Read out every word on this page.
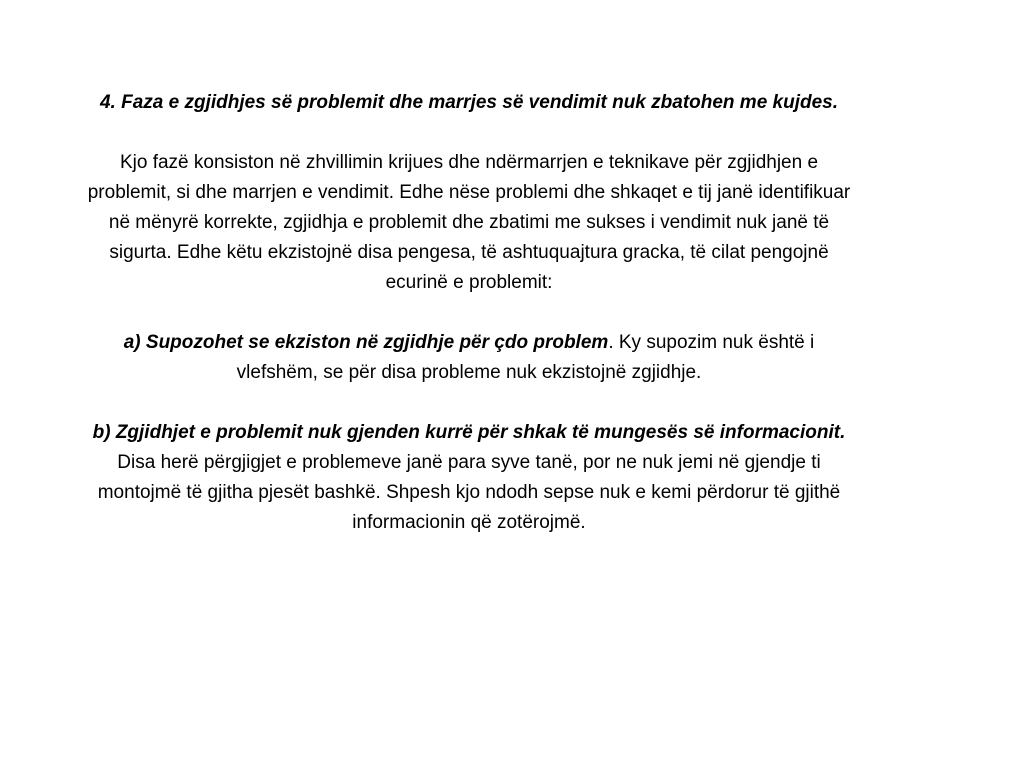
4. Faza e zgjidhjes së problemit dhe marrjes së vendimit nuk zbatohen me kujdes.

Kjo fazë konsiston në zhvillimin krijues dhe ndërmarrjen e teknikave për zgjidhjen e problemit, si dhe marrjen e vendimit. Edhe nëse problemi dhe shkaqet e tij janë identifikuar në mënyrë korrekte, zgjidhja e problemit dhe zbatimi me sukses i vendimit nuk janë të sigurta. Edhe këtu ekzistojnë disa pengesa, të ashtuquajtura gracka, të cilat pengojnë ecurinë e problemit:

a) Supozohet se ekziston në zgjidhje për çdo problem. Ky supozim nuk është i vlefshëm, se për disa probleme nuk ekzistojnë zgjidhje.

b) Zgjidhjet e problemit nuk gjenden kurrë për shkak të mungesës së informacionit. Disa herë përgjigjet e problemeve janë para syve tanë, por ne nuk jemi në gjendje ti montojmë të gjitha pjesët bashkë. Shpesh kjo ndodh sepse nuk e kemi përdorur të gjithë informacionin që zotërojmë.
